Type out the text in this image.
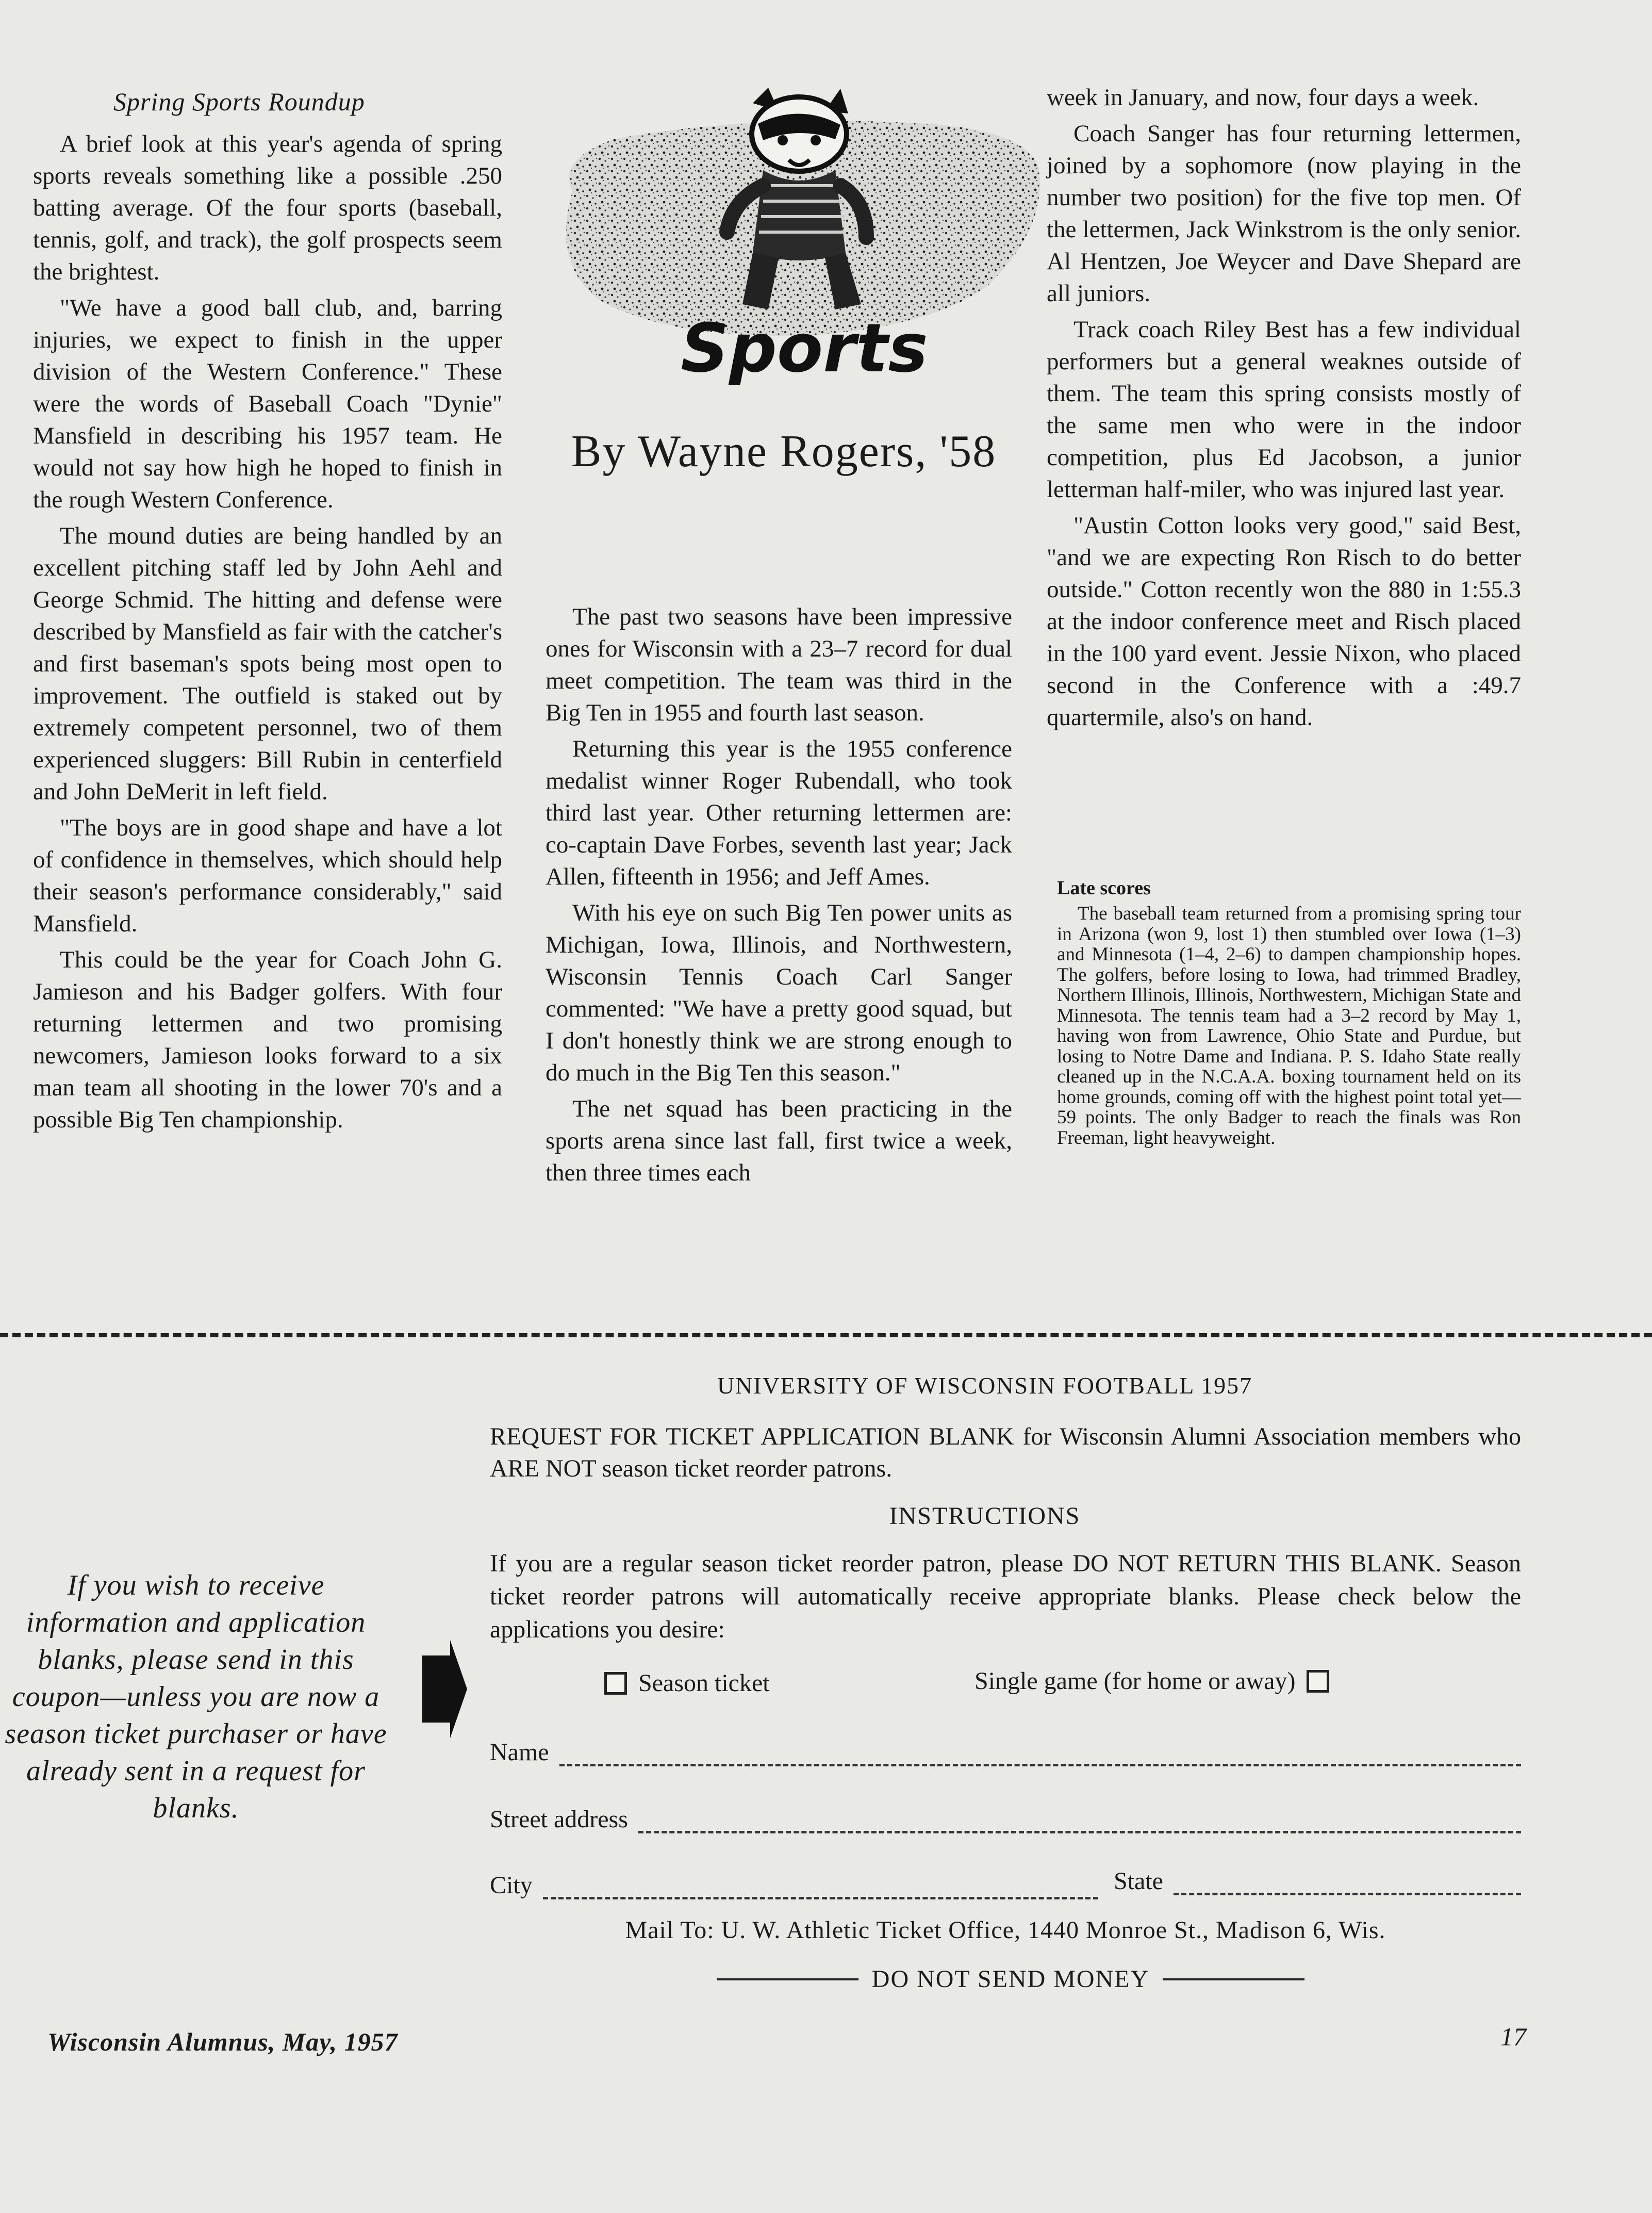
Spring Sports Roundup

A brief look at this year's agenda of spring sports reveals something like a possible .250 batting average. Of the four sports (baseball, tennis, golf, and track), the golf prospects seem the brightest.

"We have a good ball club, and, barring injuries, we expect to finish in the upper division of the Western Conference." These were the words of Baseball Coach "Dynie" Mansfield in describing his 1957 team. He would not say how high he hoped to finish in the rough Western Conference.

The mound duties are being handled by an excellent pitching staff led by John Aehl and George Schmid. The hitting and defense were described by Mansfield as fair with the catcher's and first baseman's spots being most open to improvement. The outfield is staked out by extremely competent personnel, two of them experienced sluggers: Bill Rubin in centerfield and John DeMerit in left field.

"The boys are in good shape and have a lot of confidence in themselves, which should help their season's performance considerably," said Mansfield.

This could be the year for Coach John G. Jamieson and his Badger golfers. With four returning lettermen and two promising newcomers, Jamieson looks forward to a six man team all shooting in the lower 70's and a possible Big Ten championship.

Sports
By Wayne Rogers, '58

The past two seasons have been impressive ones for Wisconsin with a 23–7 record for dual meet competition. The team was third in the Big Ten in 1955 and fourth last season.

Returning this year is the 1955 conference medalist winner Roger Rubendall, who took third last year. Other returning lettermen are: co-captain Dave Forbes, seventh last year; Jack Allen, fifteenth in 1956; and Jeff Ames.

With his eye on such Big Ten power units as Michigan, Iowa, Illinois, and Northwestern, Wisconsin Tennis Coach Carl Sanger commented: "We have a pretty good squad, but I don't honestly think we are strong enough to do much in the Big Ten this season."

The net squad has been practicing in the sports arena since last fall, first twice a week, then three times each

week in January, and now, four days a week.

Coach Sanger has four returning lettermen, joined by a sophomore (now playing in the number two position) for the five top men. Of the lettermen, Jack Winkstrom is the only senior. Al Hentzen, Joe Weycer and Dave Shepard are all juniors.

Track coach Riley Best has a few individual performers but a general weaknes outside of them. The team this spring consists mostly of the same men who were in the indoor competition, plus Ed Jacobson, a junior letterman half-miler, who was injured last year.

"Austin Cotton looks very good," said Best, "and we are expecting Ron Risch to do better outside." Cotton recently won the 880 in 1:55.3 at the indoor conference meet and Risch placed in the 100 yard event. Jessie Nixon, who placed second in the Conference with a :49.7 quartermile, also's on hand.

Late scores

The baseball team returned from a promising spring tour in Arizona (won 9, lost 1) then stumbled over Iowa (1–3) and Minnesota (1–4, 2–6) to dampen championship hopes. The golfers, before losing to Iowa, had trimmed Bradley, Northern Illinois, Illinois, Northwestern, Michigan State and Minnesota. The tennis team had a 3–2 record by May 1, having won from Lawrence, Ohio State and Purdue, but losing to Notre Dame and Indiana. P. S. Idaho State really cleaned up in the N.C.A.A. boxing tournament held on its home grounds, coming off with the highest point total yet—59 points. The only Badger to reach the finals was Ron Freeman, light heavyweight.

UNIVERSITY OF WISCONSIN FOOTBALL 1957
REQUEST FOR TICKET APPLICATION BLANK for Wisconsin Alumni Association members who ARE NOT season ticket reorder patrons.
INSTRUCTIONS
If you are a regular season ticket reorder patron, please DO NOT RETURN THIS BLANK. Season ticket reorder patrons will automatically receive appropriate blanks. Please check below the applications you desire:
Season ticket	Single game (for home or away)
Name
Street address
City	State
Mail To: U. W. Athletic Ticket Office, 1440 Monroe St., Madison 6, Wis.
DO NOT SEND MONEY
If you wish to receive information and application blanks, please send in this coupon—unless you are now a season ticket purchaser or have already sent in a request for blanks.
Wisconsin Alumnus, May, 1957	17
